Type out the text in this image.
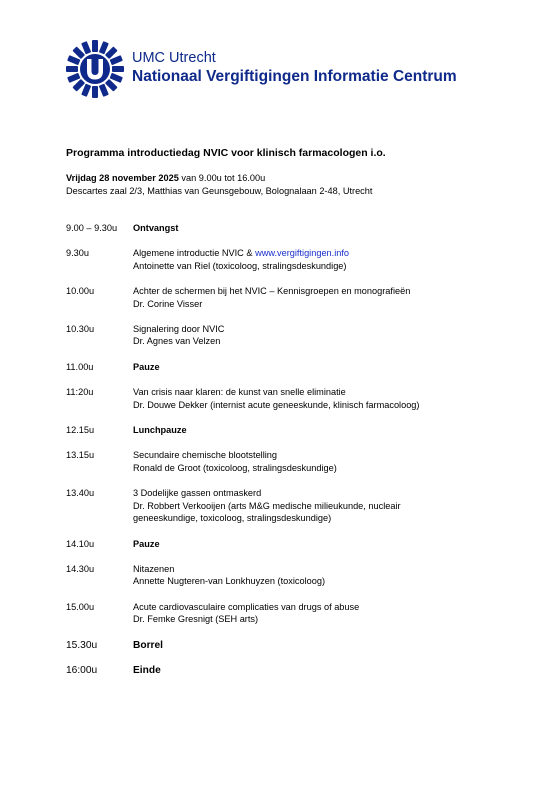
UMC Utrecht
Nationaal Vergiftigingen Informatie Centrum
Programma introductiedag NVIC voor klinisch farmacologen i.o.
Vrijdag 28 november 2025 van 9.00u tot 16.00u
Descartes zaal 2/3, Matthias van Geunsgebouw, Bolognalaan 2-48, Utrecht
9.00 – 9.30u	Ontvangst
9.30u	Algemene introductie NVIC & www.vergiftigingen.info
Antoinette van Riel (toxicoloog, stralingsdeskundige)
10.00u	Achter de schermen bij het NVIC – Kennisgroepen en monografieën
Dr. Corine Visser
10.30u	Signalering door NVIC
Dr. Agnes van Velzen
11.00u	Pauze
11:20u	Van crisis naar klaren: de kunst van snelle eliminatie
Dr. Douwe Dekker (internist acute geneeskunde, klinisch farmacoloog)
12.15u	Lunchpauze
13.15u	Secundaire chemische blootstelling
Ronald de Groot (toxicoloog, stralingsdeskundige)
13.40u	3 Dodelijke gassen ontmaskerd
Dr. Robbert Verkooijen (arts M&G medische milieukunde, nucleair
geneeskundige, toxicoloog, stralingsdeskundige)
14.10u	Pauze
14.30u	Nitazenen
Annette Nugteren-van Lonkhuyzen (toxicoloog)
15.00u	Acute cardiovasculaire complicaties van drugs of abuse
Dr. Femke Gresnigt (SEH arts)
15.30u	Borrel
16:00u	Einde
